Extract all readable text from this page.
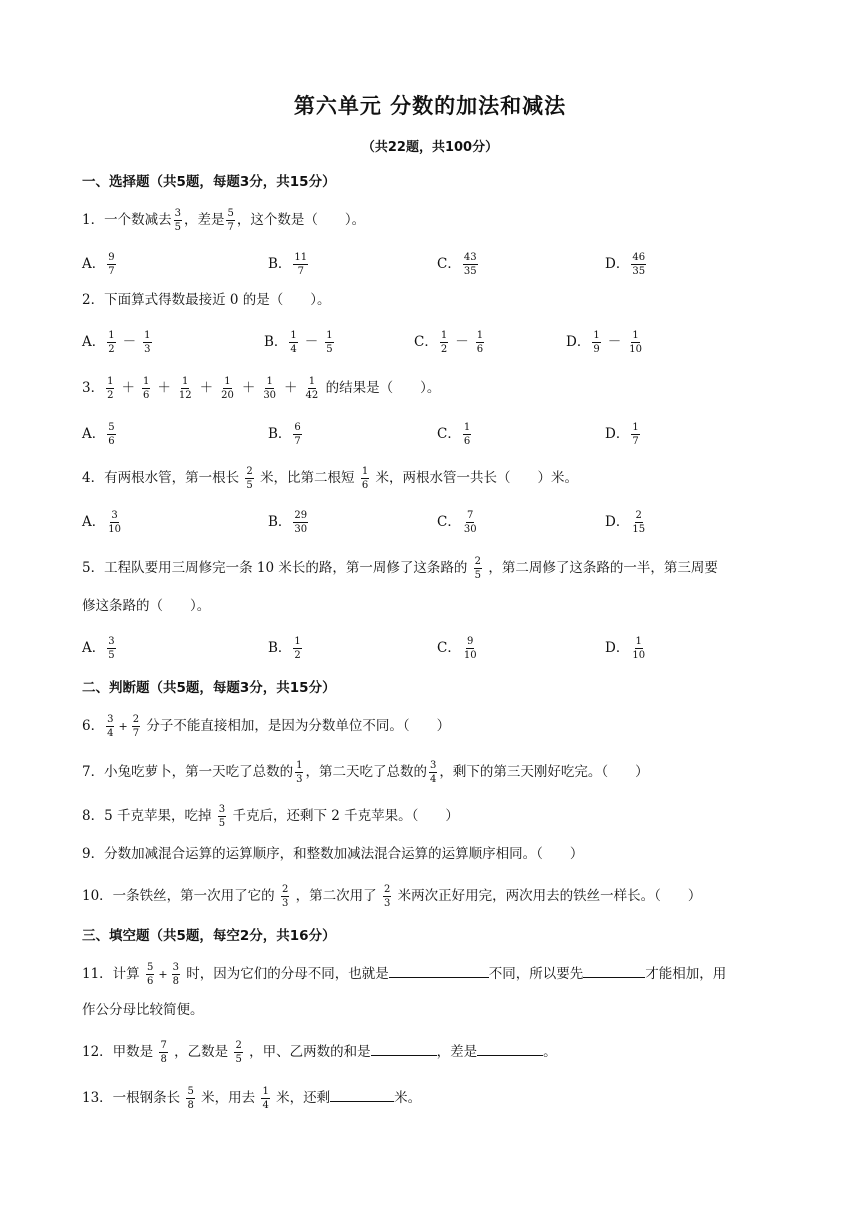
第六单元 分数的加法和减法
（共22题，共100分）
一、选择题（共5题，每题3分，共15分）
1．一个数减去 $\frac{3}{5}$ ，差是 $\frac{5}{7}$ ，这个数是（　　）。
A． $\frac{9}{7}$	B． $\frac{11}{7}$	C． $\frac{43}{35}$	D． $\frac{46}{35}$
2．下面算式得数最接近 0 的是（　　）。
A． $\frac{1}{2} - \frac{1}{3}$	B． $\frac{1}{4} - \frac{1}{5}$	C． $\frac{1}{2} - \frac{1}{6}$	D． $\frac{1}{9} - \frac{1}{10}$
3． $\frac{1}{2} + \frac{1}{6} + \frac{1}{12} + \frac{1}{20} + \frac{1}{30} + \frac{1}{42}$ 的结果是（　　）。
A． $\frac{5}{6}$	B． $\frac{6}{7}$	C． $\frac{1}{6}$	D． $\frac{1}{7}$
4．有两根水管，第一根长 $\frac{2}{5}$ 米，比第二根短 $\frac{1}{6}$ 米，两根水管一共长（　　）米。
A． $\frac{3}{10}$	B． $\frac{29}{30}$	C． $\frac{7}{30}$	D． $\frac{2}{15}$
5．工程队要用三周修完一条 10 米长的路，第一周修了这条路的 $\frac{2}{5}$ ，第二周修了这条路的一半，第三周要
修这条路的（　　）。
A． $\frac{3}{5}$	B． $\frac{1}{2}$	C． $\frac{9}{10}$	D． $\frac{1}{10}$
二、判断题（共5题，每题3分，共15分）
6． $\frac{3}{4} + \frac{2}{7}$ 分子不能直接相加，是因为分数单位不同。（　　）
7．小兔吃萝卜，第一天吃了总数的 $\frac{1}{3}$ ，第二天吃了总数的 $\frac{3}{4}$ ，剩下的第三天刚好吃完。（　　）
8．5 千克苹果，吃掉 $\frac{3}{5}$ 千克后，还剩下 2 千克苹果。（　　）
9．分数加减混合运算的运算顺序，和整数加减法混合运算的运算顺序相同。（　　）
10．一条铁丝，第一次用了它的 $\frac{2}{3}$ ，第二次用了 $\frac{2}{3}$ 米两次正好用完，两次用去的铁丝一样长。（　　）
三、填空题（共5题，每空2分，共16分）
11．计算 $\frac{5}{6} + \frac{3}{8}$ 时，因为它们的分母不同，也就是	不同，所以要先	才能相加，用
作公分母比较简便。
12．甲数是 $\frac{7}{8}$ ，乙数是 $\frac{2}{5}$ ，甲、乙两数的和是	，差是	。
13．一根钢条长 $\frac{5}{8}$ 米，用去 $\frac{1}{4}$ 米，还剩	米。
